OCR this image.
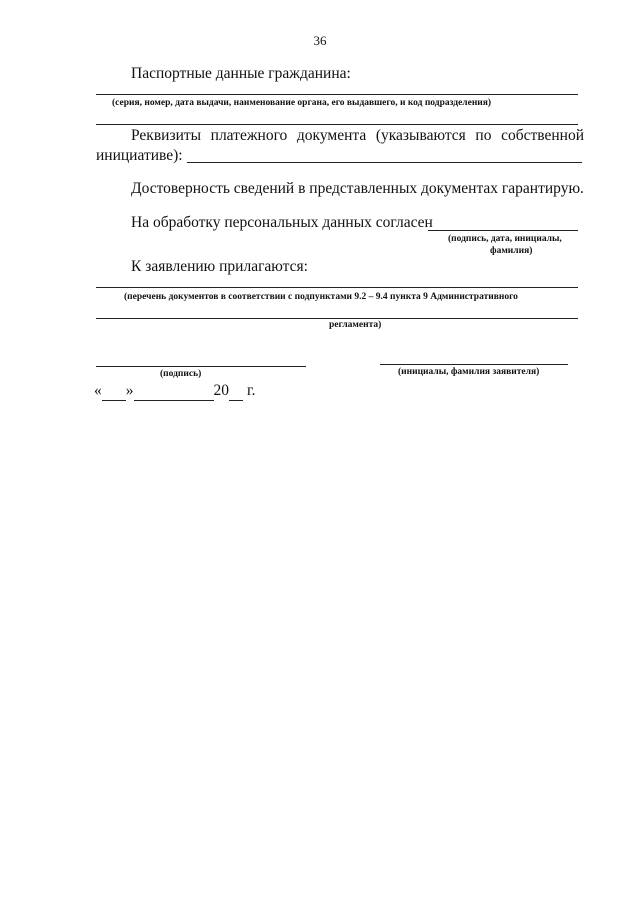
36
Паспортные данные гражданина:
(серия, номер, дата выдачи, наименование органа, его выдавшего, и код подразделения)
Реквизиты платежного документа (указываются по собственной
инициативе):
Достоверность сведений в представленных документах гарантирую.
На обработку персональных данных согласен
(подпись, дата, инициалы,
фамилия)
К заявлению прилагаются:
(перечень документов в соответствии с подпунктами 9.2 – 9.4 пункта 9 Административного
регламента)
(подпись)	(инициалы, фамилия заявителя)
« »	20 г.
